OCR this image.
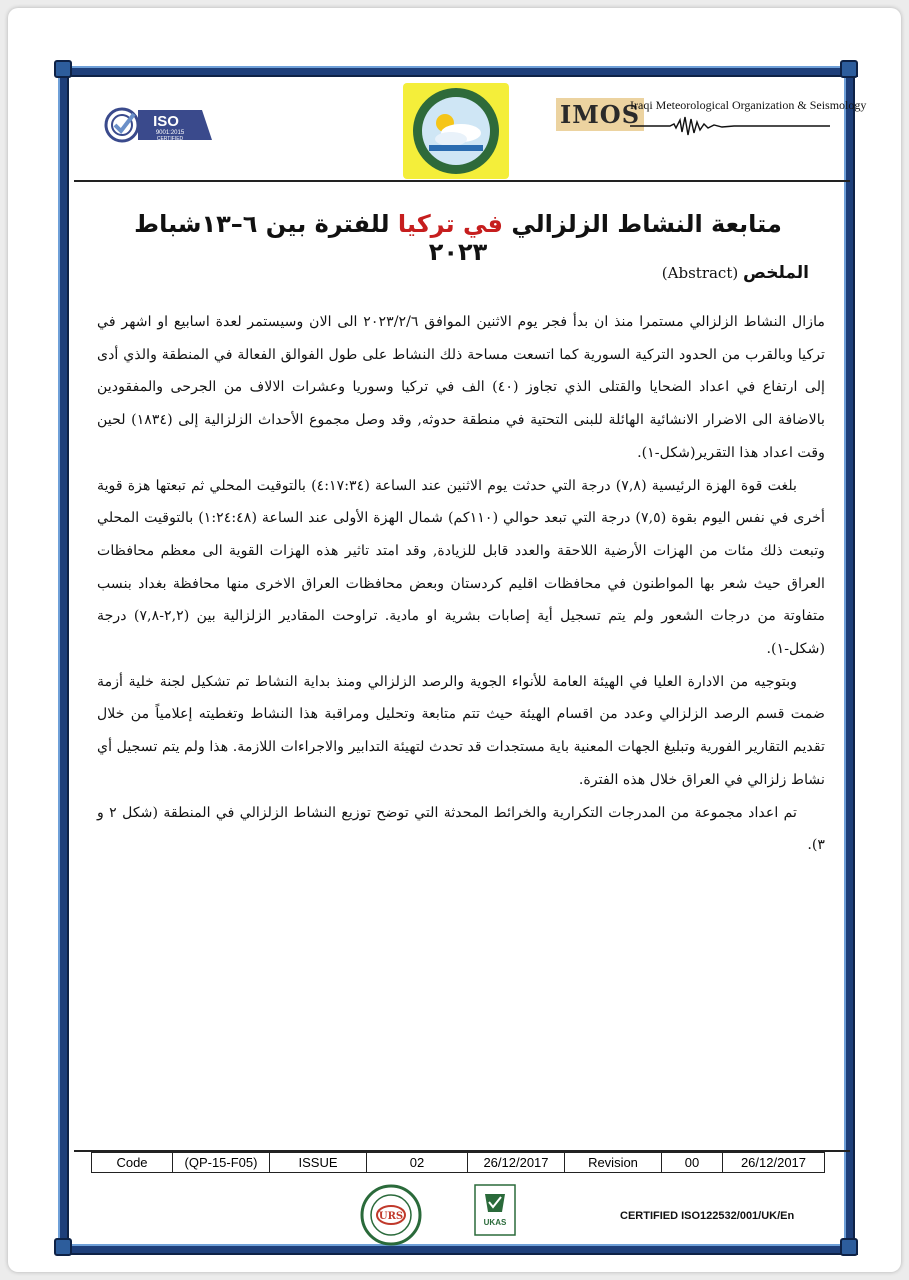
ISO
9001:2015
CERTIFIED
IMOS
Iraqi Meteorological Organization & Seismology
متابعة النشاط الزلزالي في تركيا للفترة بين ٦–١٣شباط ٢٠٢٣
الملخص (Abstract)

مازال النشاط الزلزالي مستمرا منذ ان بدأ فجر يوم الاثنين الموافق ٢٠٢٣/٢/٦ الى الان وسيستمر لعدة اسابيع او اشهر في تركيا وبالقرب من الحدود التركية السورية كما اتسعت مساحة ذلك النشاط على طول الفوالق الفعالة في المنطقة والذي أدى إلى ارتفاع في اعداد الضحايا والقتلى الذي تجاوز (٤٠) الف في تركيا وسوريا وعشرات الالاف من الجرحى والمفقودين بالاضافة الى الاضرار الانشائية الهائلة للبنى التحتية في منطقة حدوثه, وقد وصل مجموع الأحداث الزلزالية إلى (١٨٣٤) لحين وقت اعداد هذا التقرير(شكل-١).

بلغت قوة الهزة الرئيسية (٧,٨) درجة التي حدثت يوم الاثنين عند الساعة (٤:١٧:٣٤) بالتوقيت المحلي ثم تبعتها هزة قوية أخرى في نفس اليوم بقوة (٧,٥) درجة التي تبعد حوالي (١١٠كم) شمال الهزة الأولى عند الساعة (١:٢٤:٤٨) بالتوقيت المحلي وتبعت ذلك مئات من الهزات الأرضية اللاحقة والعدد قابل للزيادة, وقد امتد تاثير هذه الهزات القوية الى معظم محافظات العراق حيث شعر بها المواطنون في محافظات اقليم كردستان وبعض محافظات العراق الاخرى منها محافظة بغداد بنسب متفاوتة من درجات الشعور ولم يتم تسجيل أية إصابات بشرية او مادية. تراوحت المقادير الزلزالية بين (٢,٢-٧,٨) درجة (شكل-١).

وبتوجيه من الادارة العليا في الهيئة العامة للأنواء الجوية والرصد الزلزالي ومنذ بداية النشاط تم تشكيل لجنة خلية أزمة ضمت قسم الرصد الزلزالي وعدد من اقسام الهيئة حيث تتم متابعة وتحليل ومراقبة هذا النشاط وتغطيته إعلامياً من خلال تقديم التقارير الفورية وتبليغ الجهات المعنية باية مستجدات قد تحدث لتهيئة التدابير والاجراءات اللازمة. هذا ولم يتم تسجيل أي نشاط زلزالي في العراق خلال هذه الفترة.

تم اعداد مجموعة من المدرجات التكرارية والخرائط المحدثة التي توضح توزيع النشاط الزلزالي في المنطقة (شكل ٢ و ٣).

Code	(QP-15-F05)	ISSUE	02	26/12/2017	Revision	00	26/12/2017
URS
UKAS
CERTIFIED ISO122532/001/UK/En
